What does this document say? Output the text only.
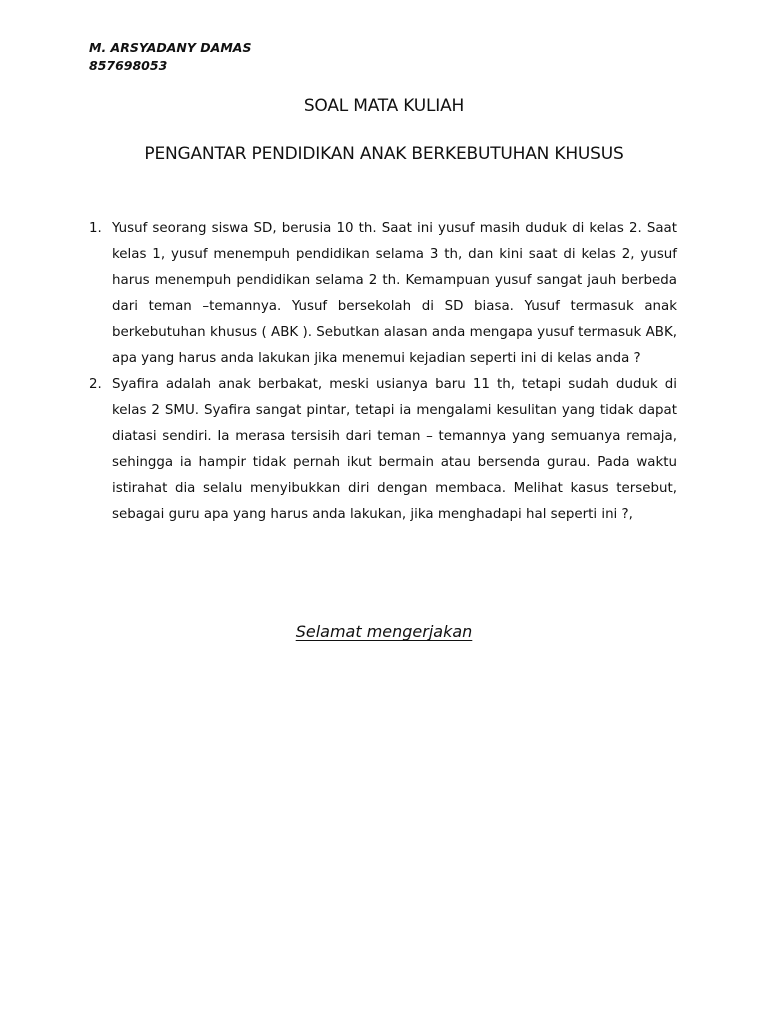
M. ARSYADANY DAMAS
857698053
SOAL MATA KULIAH
PENGANTAR PENDIDIKAN ANAK BERKEBUTUHAN KHUSUS
1. Yusuf seorang siswa SD, berusia 10 th. Saat ini yusuf masih duduk di kelas 2. Saat kelas 1, yusuf menempuh pendidikan selama 3 th, dan kini saat di kelas 2, yusuf harus menempuh pendidikan selama 2 th. Kemampuan yusuf sangat jauh berbeda dari teman –temannya. Yusuf bersekolah di SD biasa. Yusuf termasuk anak berkebutuhan khusus ( ABK ). Sebutkan alasan anda mengapa yusuf termasuk ABK, apa yang harus anda lakukan jika menemui kejadian seperti ini di kelas anda ?
2. Syafira adalah anak berbakat, meski usianya baru 11 th, tetapi sudah duduk di kelas 2 SMU. Syafira sangat pintar, tetapi ia mengalami kesulitan yang tidak dapat diatasi sendiri. Ia merasa tersisih dari teman – temannya yang semuanya remaja, sehingga ia hampir tidak pernah ikut bermain atau bersenda gurau. Pada waktu istirahat dia selalu menyibukkan diri dengan membaca. Melihat kasus tersebut, sebagai guru apa yang harus anda lakukan, jika menghadapi hal seperti ini ?,
Selamat mengerjakan
